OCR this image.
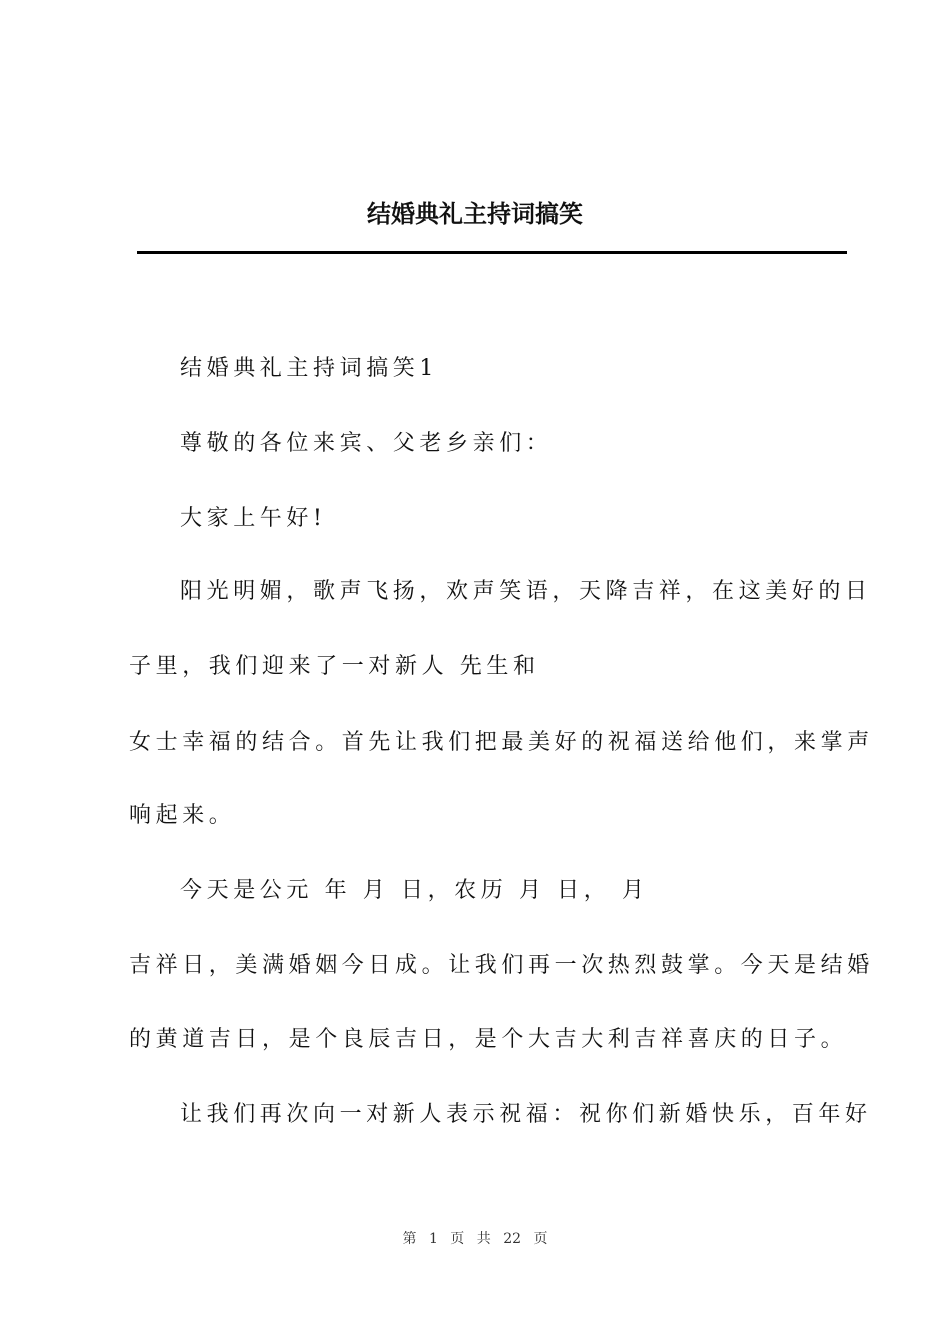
结婚典礼主持词搞笑

结婚典礼主持词搞笑1

尊敬的各位来宾、父老乡亲们：

大家上午好!

阳光明媚，歌声飞扬，欢声笑语，天降吉祥，在这美好的日

子里，我们迎来了一对新人 先生和

女士幸福的结合。首先让我们把最美好的祝福送给他们，来掌声

响起来。

今天是公元 年 月 日，农历 月 日， 月

吉祥日，美满婚姻今日成。让我们再一次热烈鼓掌。今天是结婚

的黄道吉日，是个良辰吉日，是个大吉大利吉祥喜庆的日子。

让我们再次向一对新人表示祝福：祝你们新婚快乐，百年好

第 1 页 共 22 页
